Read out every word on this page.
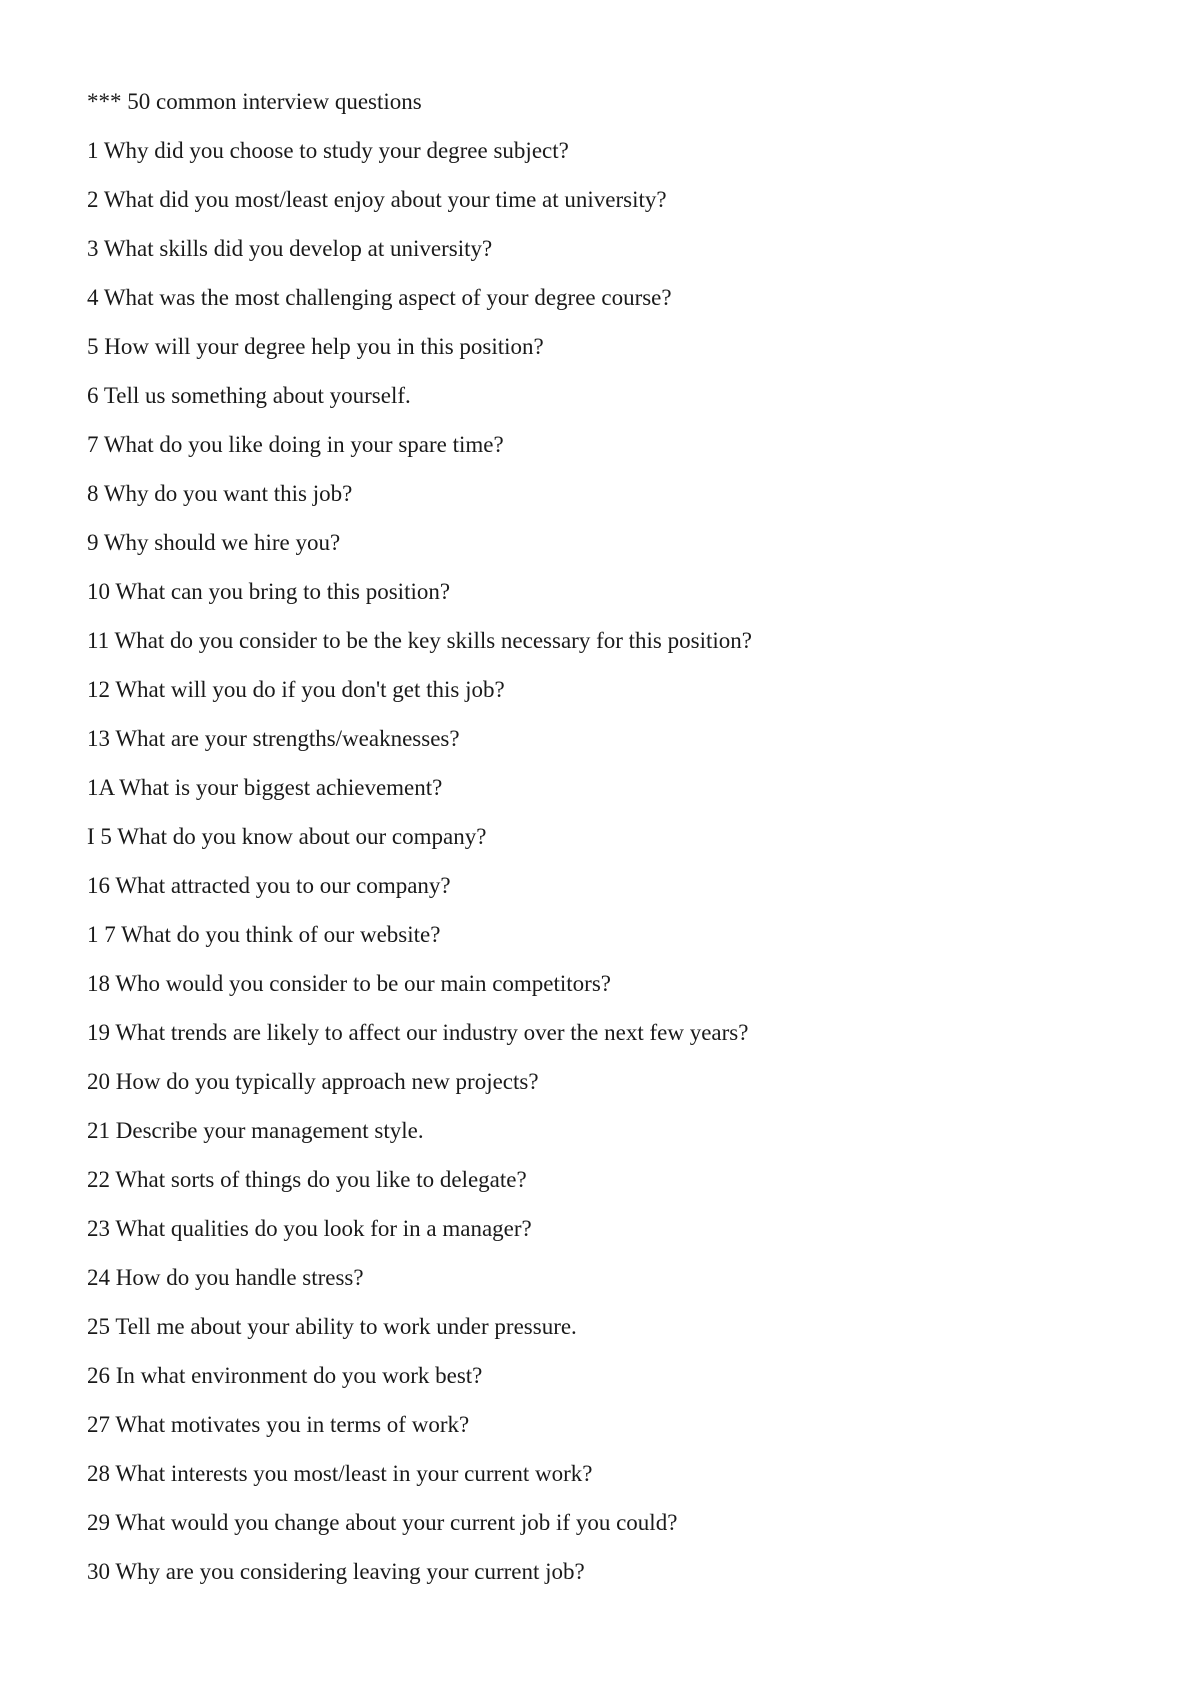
*** 50 common interview questions
1 Why did you choose to study your degree subject?
2 What did you most/least enjoy about your time at university?
3 What skills did you develop at university?
4 What was the most challenging aspect of your degree course?
5 How will your degree help you in this position?
6 Tell us something about yourself.
7 What do you like doing in your spare time?
8 Why do you want this job?
9 Why should we hire you?
10 What can you bring to this position?
11 What do you consider to be the key skills necessary for this position?
12 What will you do if you don't get this job?
13 What are your strengths/weaknesses?
1A What is your biggest achievement?
I 5 What do you know about our company?
16 What attracted you to our company?
1 7 What do you think of our website?
18 Who would you consider to be our main competitors?
19 What trends are likely to affect our industry over the next few years?
20 How do you typically approach new projects?
21 Describe your management style.
22 What sorts of things do you like to delegate?
23 What qualities do you look for in a manager?
24 How do you handle stress?
25 Tell me about your ability to work under pressure.
26 In what environment do you work best?
27 What motivates you in terms of work?
28 What interests you most/least in your current work?
29 What would you change about your current job if you could?
30 Why are you considering leaving your current job?
